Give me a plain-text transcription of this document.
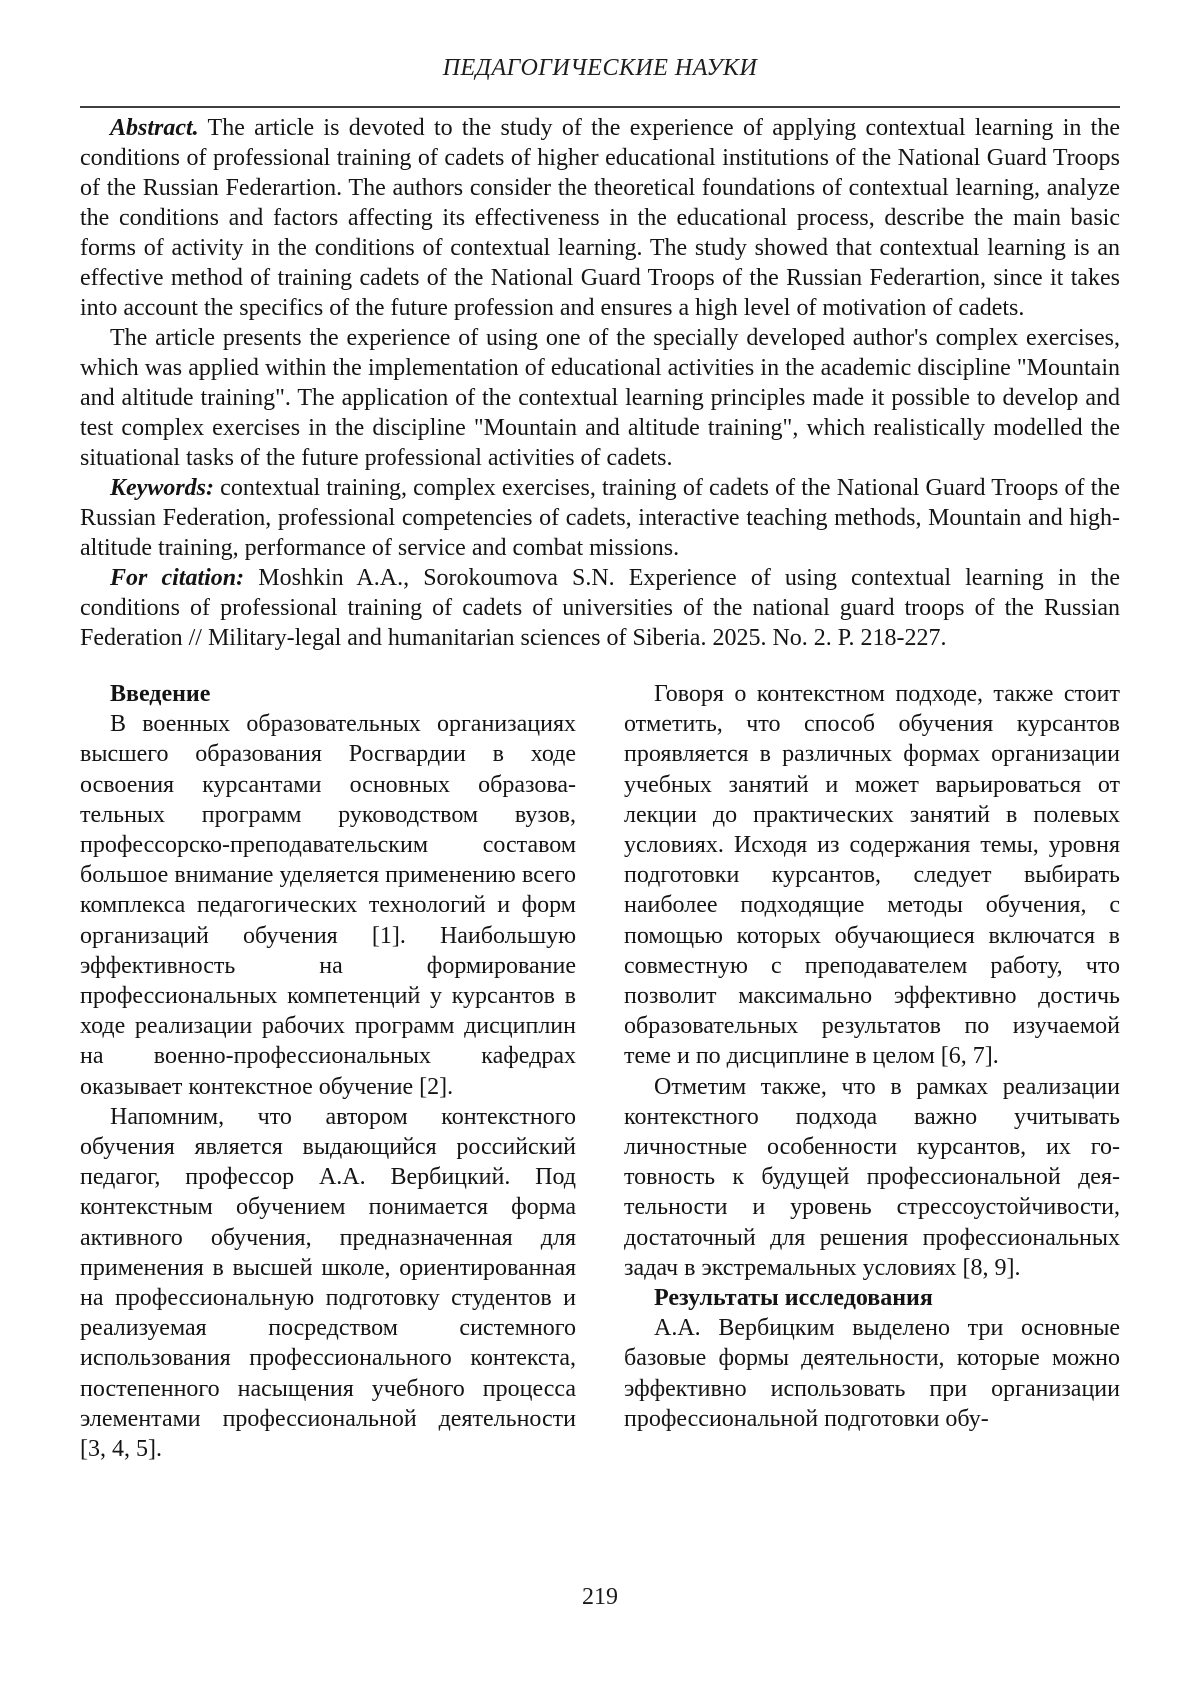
ПЕДАГОГИЧЕСКИЕ НАУКИ

Abstract. The article is devoted to the study of the experience of applying contextual learning in the conditions of professional training of cadets of higher educational institutions of the National Guard Troops of the Russian Federartion. The authors consider the theoretical foundations of contextual learning, analyze the conditions and factors affecting its effectiveness in the educational process, describe the main basic forms of activity in the conditions of contextual learning. The study showed that contextual learning is an effective method of training cadets of the National Guard Troops of the Russian Federartion, since it takes into account the specifics of the future profession and ensures a high level of motivation of cadets.

The article presents the experience of using one of the specially developed author's complex exercises, which was applied within the implementation of educational activities in the academic discipline "Mountain and altitude training". The application of the contextual learning principles made it possible to develop and test complex exercises in the discipline "Mountain and altitude training", which realistically modelled the situational tasks of the future professional activities of cadets.

Keywords: contextual training, complex exercises, training of cadets of the National Guard Troops of the Russian Federation, professional competencies of cadets, interactive teaching methods, Mountain and high-altitude training, performance of service and combat missions.

For citation: Moshkin A.A., Sorokoumova S.N. Experience of using contextual learning in the conditions of professional training of cadets of universities of the national guard troops of the Russian Federation // Military-legal and humanitarian sciences of Siberia. 2025. No. 2. P. 218-227.

Введение

В военных образовательных организациях высшего образования Росгвардии в ходе освоения курсантами основных образовательных программ руководством вузов, профессорско-преподавательским составом большое внимание уделяется применению всего комплекса педагогических технологий и форм организаций обучения [1]. Наибольшую эффективность на формирование профессиональных компетенций у курсантов в ходе реализации рабочих программ дисциплин на военно-профессиональных кафедрах оказывает контекстное обучение [2].

Напомним, что автором контекстного обучения является выдающийся российский педагог, профессор А.А. Вербицкий. Под контекстным обучением понимается форма активного обучения, предназначенная для применения в высшей школе, ориентированная на профессиональную подготовку студентов и реализуемая посредством системного использования профессионального контекста, постепенного насыщения учебного процесса элементами профессиональной деятельности [3, 4, 5].

Говоря о контекстном подходе, также стоит отметить, что способ обучения курсантов проявляется в различных формах организации учебных занятий и может варьироваться от лекции до практических занятий в полевых условиях. Исходя из содержания темы, уровня подготовки курсантов, следует выбирать наиболее подходящие методы обучения, с помощью которых обучающиеся включатся в совместную с преподавателем работу, что позволит максимально эффективно достичь образовательных результатов по изучаемой теме и по дисциплине в целом [6, 7].

Отметим также, что в рамках реализации контекстного подхода важно учитывать личностные особенности курсантов, их готовность к будущей профессиональной деятельности и уровень стрессоустойчивости, достаточный для решения профессиональных задач в экстремальных условиях [8, 9].

Результаты исследования

А.А. Вербицким выделено три основные базовые формы деятельности, которые можно эффективно использовать при организации профессиональной подготовки обу-

219
